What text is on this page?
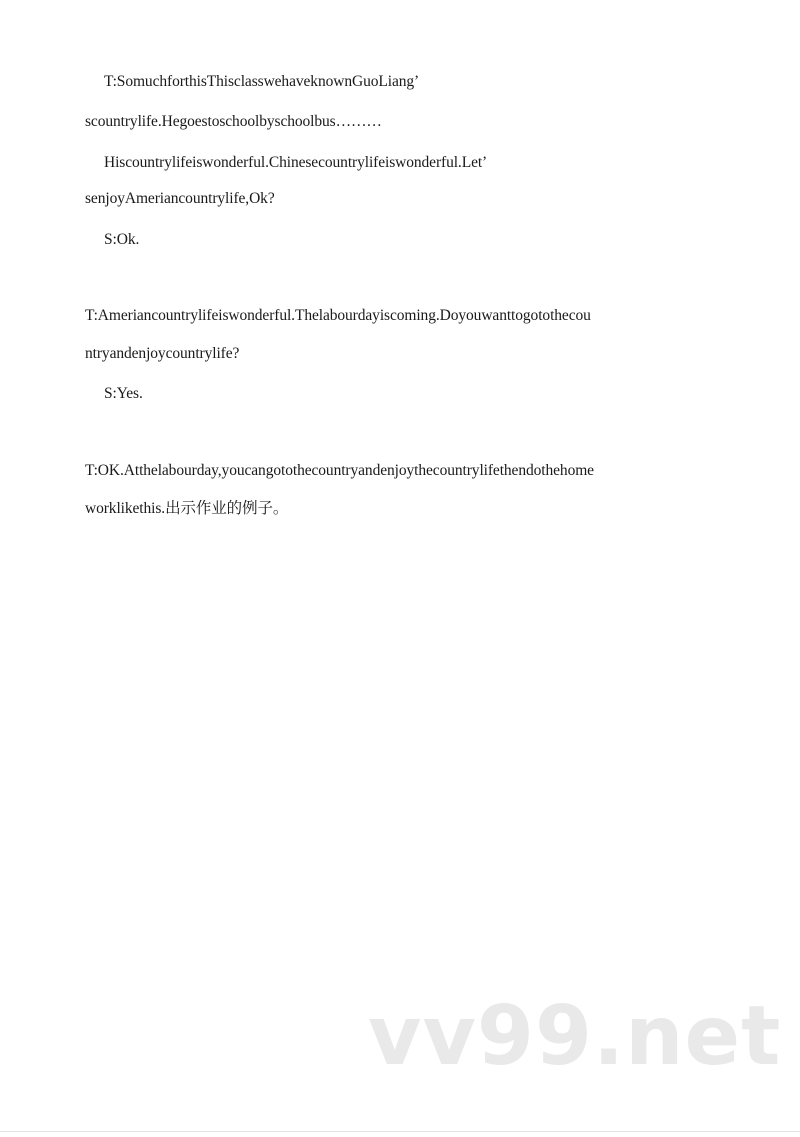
T:SomuchforthisThisclasswehaveknownGuoLiang’
scountrylife.Hegoestoschoolbyschoolbus………
Hiscountrylifeiswonderful.Chinesecountrylifeiswonderful.Let’
senjoyAmeriancountrylife,Ok?
S:Ok.
T:Ameriancountrylifeiswonderful.Thelabourdayiscoming.Doyouwanttogotothecou
ntryandenjoycountrylife?
S:Yes.
T:OK.Atthelabourday,youcangotothecountryandenjoythecountrylifethendothehome
worklikethis.出示作业的例子。
vv99.net
